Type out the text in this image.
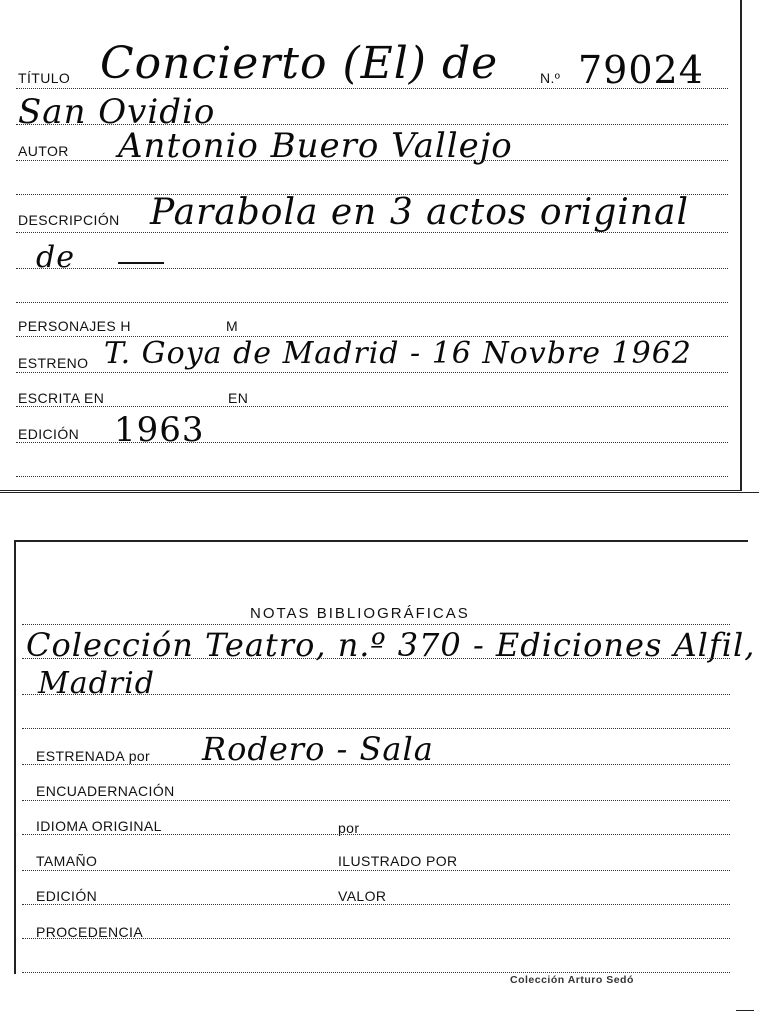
TÍTULO Concierto (El) de	N.º 79024
San Ovidio
AUTOR Antonio Buero Vallejo
DESCRIPCIÓN Parabola en 3 actos original
de
PERSONAJES H	M
ESTRENO T. Goya de Madrid - 16 Novbre 1962
ESCRITA EN	EN
EDICIÓN 1963
NOTAS BIBLIOGRÁFICAS
Colección Teatro, n.º 370 - Ediciones Alfil,
Madrid
ESTRENADA por Rodero - Sala
ENCUADERNACIÓN
IDIOMA ORIGINAL	por
TAMAÑO	ILUSTRADO POR
EDICIÓN	VALOR
PROCEDENCIA
Colección Arturo Sedó
